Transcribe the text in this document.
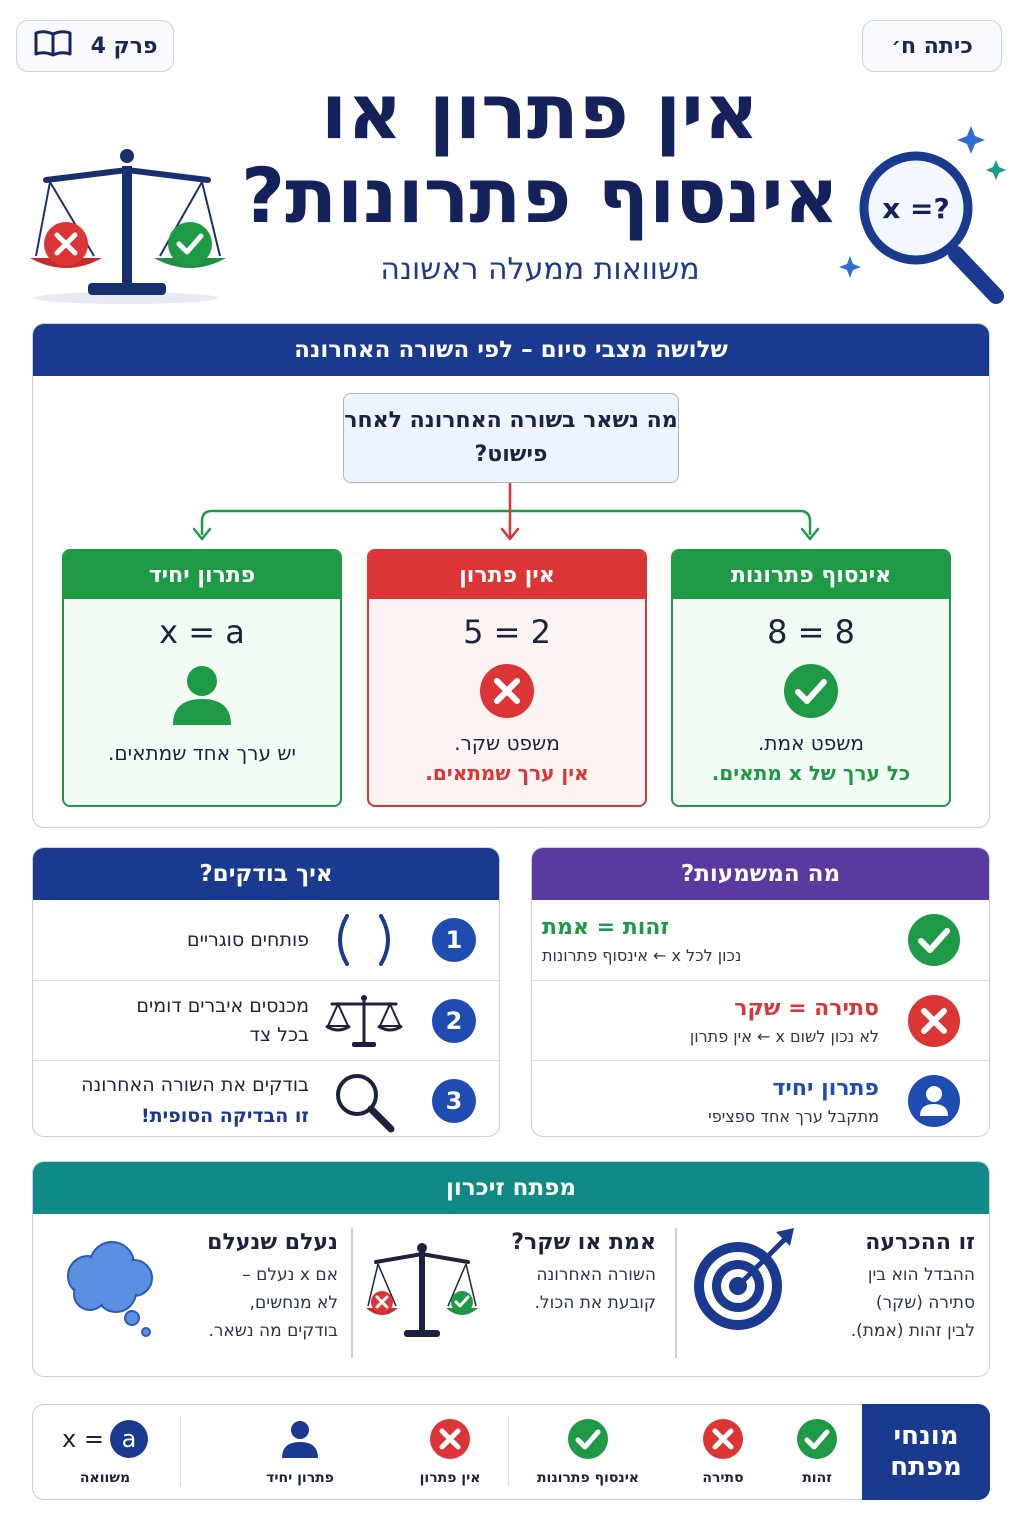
כיתה ח׳
פרק 4
אין פתרון או
אינסוף פתרונות?
משוואות ממעלה ראשונה
x =?
שלושה מצבי סיום – לפי השורה האחרונה
מה נשאר בשורה האחרונה לאחר פישוט?
אינסוף פתרונות
8 = 8
משפט אמת.
כל ערך של x מתאים.
אין פתרון
5 = 2
משפט שקר.
אין ערך שמתאים.
פתרון יחיד
x = a
יש ערך אחד שמתאים.
מה המשמעות?
זהות = אמת
נכון לכל x ← אינסוף פתרונות
סתירה = שקר
לא נכון לשום x ← אין פתרון
פתרון יחיד
מתקבל ערך אחד ספציפי
איך בודקים?
1
פותחים סוגריים
2
מכנסים איברים דומים
בכל צד
3
בודקים את השורה האחרונה
זו הבדיקה הסופית!
מפתח זיכרון
זו ההכרעה
ההבדל הוא בין
סתירה (שקר)
לבין זהות (אמת).
אמת או שקר?
השורה האחרונה
קובעת את הכול.
נעלם שנעלם
אם x נעלם –
לא מנחשים,
בודקים מה נשאר.
מונחי
מפתח
זהות
סתירה
אינסוף פתרונות
אין פתרון
פתרון יחיד
x = a
משוואה
